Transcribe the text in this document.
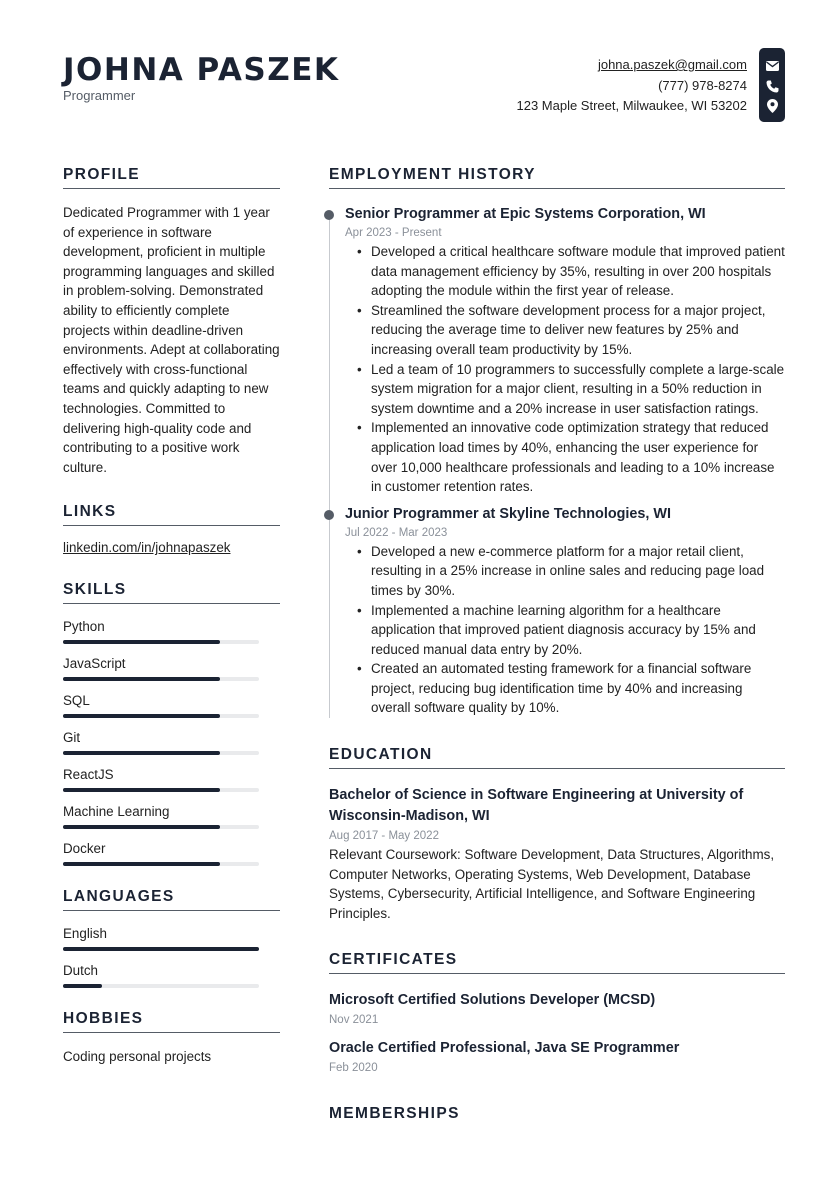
JOHNA PASZEK
Programmer
johna.paszek@gmail.com
(777) 978-8274
123 Maple Street, Milwaukee, WI 53202
PROFILE
Dedicated Programmer with 1 year of experience in software development, proficient in multiple programming languages and skilled in problem-solving. Demonstrated ability to efficiently complete projects within deadline-driven environments. Adept at collaborating effectively with cross-functional teams and quickly adapting to new technologies. Committed to delivering high-quality code and contributing to a positive work culture.
LINKS
linkedin.com/in/johnapaszek
SKILLS
Python
JavaScript
SQL
Git
ReactJS
Machine Learning
Docker
LANGUAGES
English
Dutch
HOBBIES
Coding personal projects
EMPLOYMENT HISTORY
Senior Programmer at Epic Systems Corporation, WI
Apr 2023 - Present
• Developed a critical healthcare software module that improved patient data management efficiency by 35%, resulting in over 200 hospitals adopting the module within the first year of release.
• Streamlined the software development process for a major project, reducing the average time to deliver new features by 25% and increasing overall team productivity by 15%.
• Led a team of 10 programmers to successfully complete a large-scale system migration for a major client, resulting in a 50% reduction in system downtime and a 20% increase in user satisfaction ratings.
• Implemented an innovative code optimization strategy that reduced application load times by 40%, enhancing the user experience for over 10,000 healthcare professionals and leading to a 10% increase in customer retention rates.
Junior Programmer at Skyline Technologies, WI
Jul 2022 - Mar 2023
• Developed a new e-commerce platform for a major retail client, resulting in a 25% increase in online sales and reducing page load times by 30%.
• Implemented a machine learning algorithm for a healthcare application that improved patient diagnosis accuracy by 15% and reduced manual data entry by 20%.
• Created an automated testing framework for a financial software project, reducing bug identification time by 40% and increasing overall software quality by 10%.
EDUCATION
Bachelor of Science in Software Engineering at University of Wisconsin-Madison, WI
Aug 2017 - May 2022
Relevant Coursework: Software Development, Data Structures, Algorithms, Computer Networks, Operating Systems, Web Development, Database Systems, Cybersecurity, Artificial Intelligence, and Software Engineering Principles.
CERTIFICATES
Microsoft Certified Solutions Developer (MCSD)
Nov 2021
Oracle Certified Professional, Java SE Programmer
Feb 2020
MEMBERSHIPS
